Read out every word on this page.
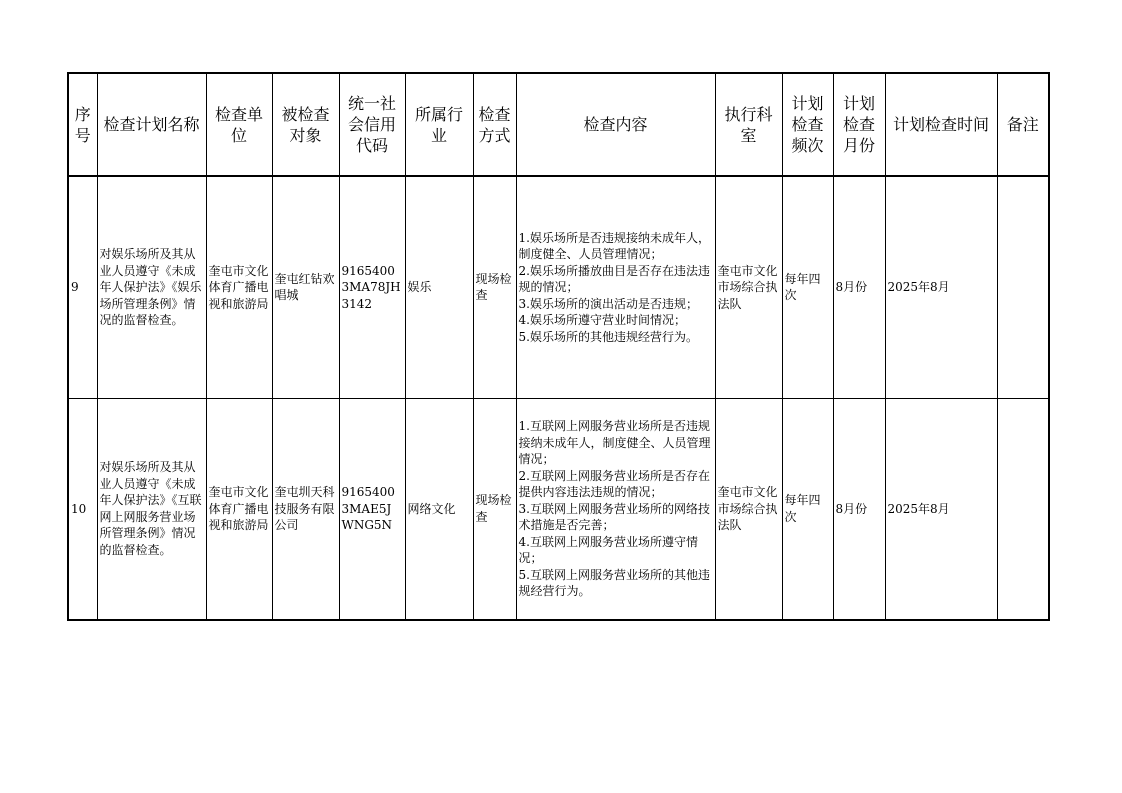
序号	检查计划名称	检查单位	被检查对象	统一社会信用代码	所属行业	检查方式	检查内容	执行科室	计划检查频次	计划检查月份	计划检查时间	备注
9	对娱乐场所及其从业人员遵守《未成年人保护法》《娱乐场所管理条例》情况的监督检查。	奎屯市文化体育广播电视和旅游局	奎屯红钻欢唱城	91654003MA78JH3142	娱乐	现场检查	1.娱乐场所是否违规接纳未成年人，制度健全、人员管理情况；
2.娱乐场所播放曲目是否存在违法违规的情况；
3.娱乐场所的演出活动是否违规；
4.娱乐场所遵守营业时间情况；
5.娱乐场所的其他违规经营行为。	奎屯市文化市场综合执法队	每年四次	8月份	2025年8月	
10	对娱乐场所及其从业人员遵守《未成年人保护法》《互联网上网服务营业场所管理条例》情况的监督检查。	奎屯市文化体育广播电视和旅游局	奎屯圳天科技服务有限公司	91654003MAE5JWNG5N	网络文化	现场检查	1.互联网上网服务营业场所是否违规接纳未成年人，制度健全、人员管理情况；
2.互联网上网服务营业场所是否存在提供内容违法违规的情况；
3.互联网上网服务营业场所的网络技术措施是否完善；
4.互联网上网服务营业场所遵守情况；
5.互联网上网服务营业场所的其他违规经营行为。	奎屯市文化市场综合执法队	每年四次	8月份	2025年8月	
